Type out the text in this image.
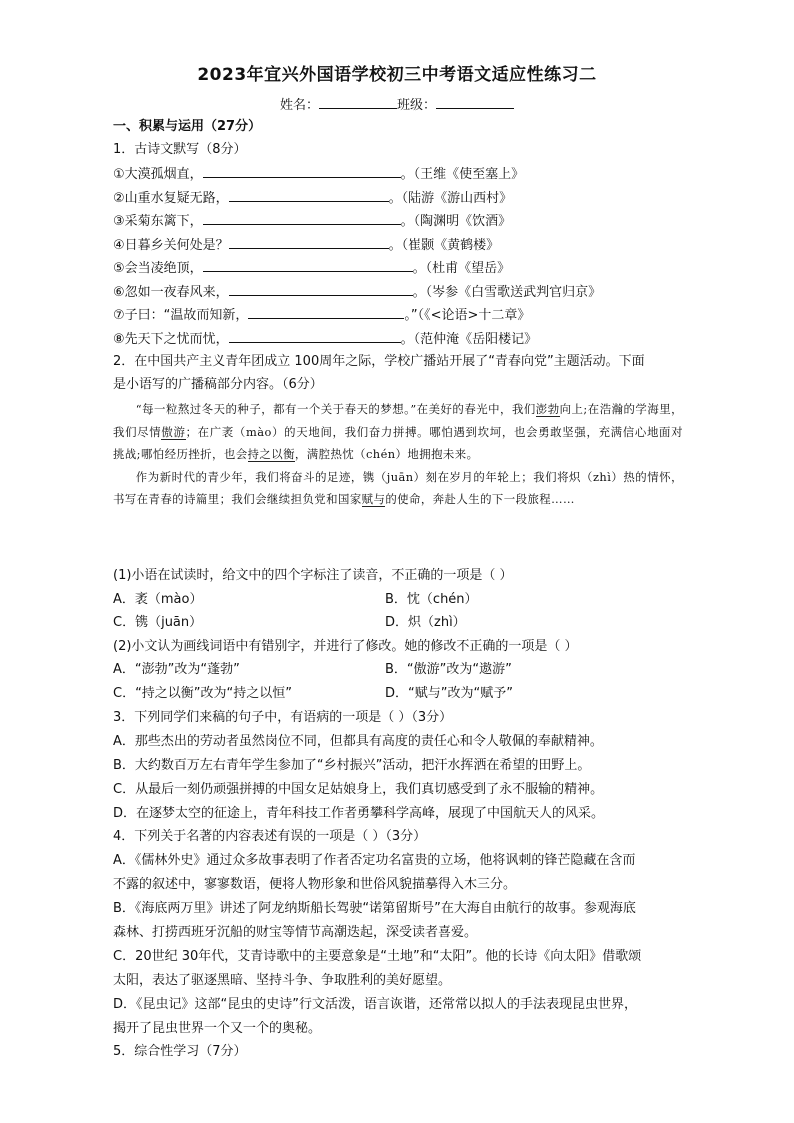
2023年宜兴外国语学校初三中考语文适应性练习二
姓名：	班级：
一、积累与运用（27分）
1．古诗文默写（8分）
①大漠孤烟直，	。（王维《使至塞上》
②山重水复疑无路，	。（陆游《游山西村》
③采菊东篱下，	。（陶渊明《饮酒》
④日暮乡关何处是？	。（崔颢《黄鹤楼》
⑤会当凌绝顶，	。（杜甫《望岳》
⑥忽如一夜春风来，	。（岑参《白雪歌送武判官归京》
⑦子曰：“温故而知新，	。”（《<论语>十二章》
⑧先天下之忧而忧，	。（范仲淹《岳阳楼记》
2．在中国共产主义青年团成立 100周年之际，学校广播站开展了“青春向党”主题活动。下面
是小语写的广播稿部分内容。（6分）

“每一粒熬过冬天的种子，都有一个关于春天的梦想。”在美好的春光中，我们澎勃向上;在浩瀚的学海里，我们尽情傲游；在广袤（mào）的天地间，我们奋力拼搏。哪怕遇到坎坷，也会勇敢坚强，充满信心地面对挑战;哪怕经历挫折，也会持之以衡，满腔热忱（chén）地拥抱未来。

作为新时代的青少年，我们将奋斗的足迹，镌（juān）刻在岁月的年轮上；我们将炽（zhì）热的情怀，书写在青春的诗篇里；我们会继续担负党和国家赋与的使命，奔赴人生的下一段旅程……

(1)小语在试读时，给文中的四个字标注了读音，不正确的一项是（ ）
A．袤（mào）	B．忱（chén）
C．镌（juān）	D．炽（zhì）
(2)小文认为画线词语中有错别字，并进行了修改。她的修改不正确的一项是（ ）
A．“澎勃”改为“蓬勃”	B．“傲游”改为“遨游”
C．“持之以衡”改为“持之以恒”	D．“赋与”改为“赋予”
3．下列同学们来稿的句子中，有语病的一项是（ ）（3分）
A．那些杰出的劳动者虽然岗位不同，但都具有高度的责任心和令人敬佩的奉献精神。
B．大约数百万左右青年学生参加了“乡村振兴”活动，把汗水挥洒在希望的田野上。
C．从最后一刻仍顽强拼搏的中国女足姑娘身上，我们真切感受到了永不服输的精神。
D．在逐梦太空的征途上，青年科技工作者勇攀科学高峰，展现了中国航天人的风采。
4．下列关于名著的内容表述有误的一项是（ ）（3分）
A．《儒林外史》通过众多故事表明了作者否定功名富贵的立场，他将讽刺的锋芒隐藏在含而
不露的叙述中，寥寥数语，便将人物形象和世俗风貌描摹得入木三分。
B．《海底两万里》讲述了阿龙纳斯船长驾驶“诺第留斯号”在大海自由航行的故事。参观海底
森林、打捞西班牙沉船的财宝等情节高潮迭起，深受读者喜爱。
C．20世纪 30年代，艾青诗歌中的主要意象是“土地”和“太阳”。他的长诗《向太阳》借歌颂
太阳，表达了驱逐黑暗、坚持斗争、争取胜利的美好愿望。
D．《昆虫记》这部“昆虫的史诗”行文活泼，语言诙谐，还常常以拟人的手法表现昆虫世界，
揭开了昆虫世界一个又一个的奥秘。
5．综合性学习（7分）
